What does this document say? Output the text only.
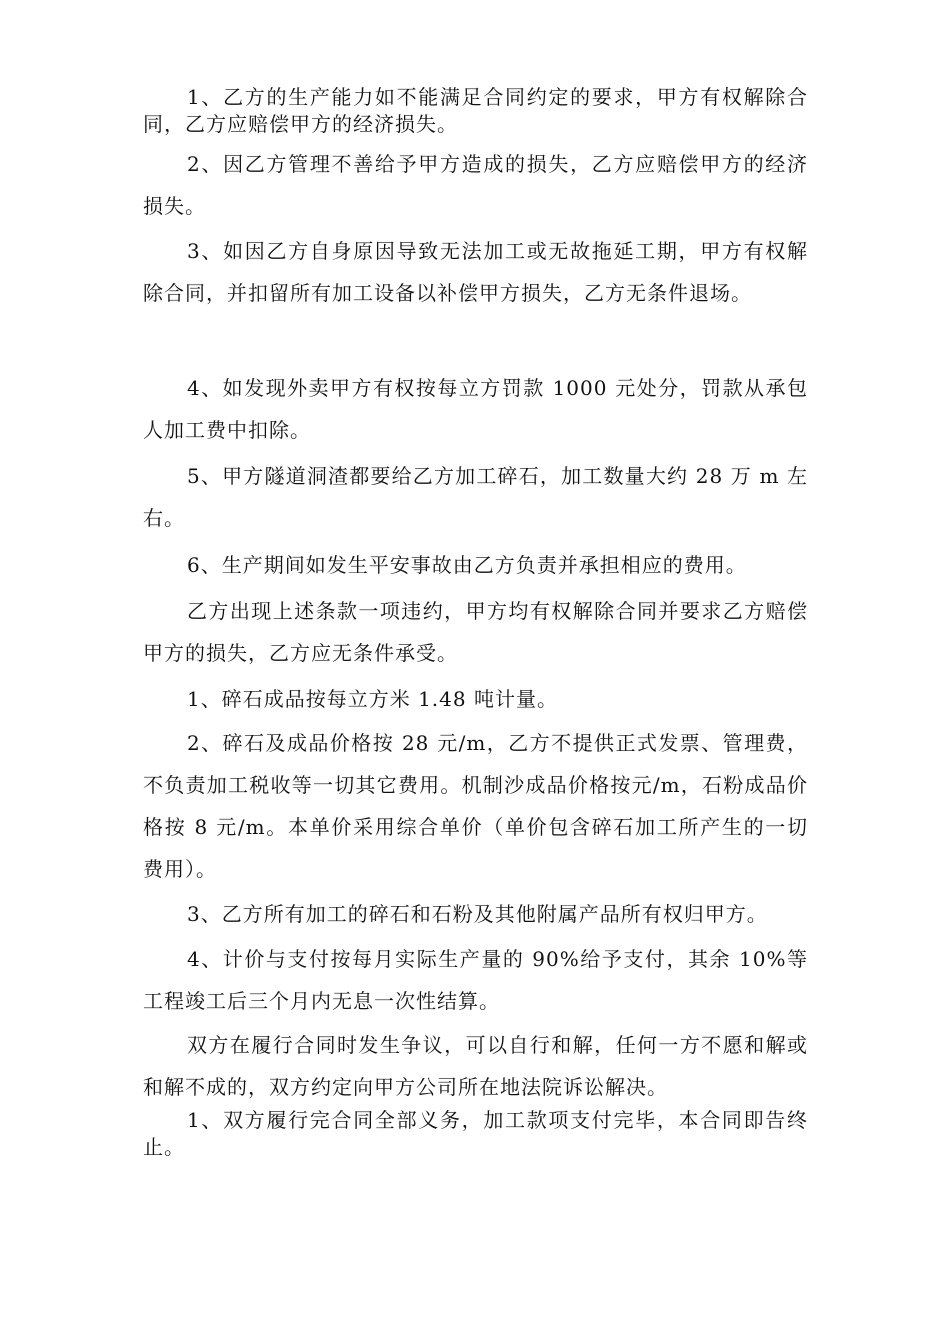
1、乙方的生产能力如不能满足合同约定的要求，甲方有权解除合同，乙方应赔偿甲方的经济损失。

2、因乙方管理不善给予甲方造成的损失，乙方应赔偿甲方的经济损失。

3、如因乙方自身原因导致无法加工或无故拖延工期，甲方有权解除合同，并扣留所有加工设备以补偿甲方损失，乙方无条件退场。

4、如发现外卖甲方有权按每立方罚款 1000 元处分，罚款从承包人加工费中扣除。

5、甲方隧道洞渣都要给乙方加工碎石，加工数量大约 28 万 m 左右。

6、生产期间如发生平安事故由乙方负责并承担相应的费用。

乙方出现上述条款一项违约，甲方均有权解除合同并要求乙方赔偿甲方的损失，乙方应无条件承受。

1、碎石成品按每立方米 1.48 吨计量。

2、碎石及成品价格按 28 元/m，乙方不提供正式发票、管理费，不负责加工税收等一切其它费用。机制沙成品价格按元/m，石粉成品价格按 8 元/m。本单价采用综合单价（单价包含碎石加工所产生的一切费用）。

3、乙方所有加工的碎石和石粉及其他附属产品所有权归甲方。

4、计价与支付按每月实际生产量的 90%给予支付，其余 10%等工程竣工后三个月内无息一次性结算。

双方在履行合同时发生争议，可以自行和解，任何一方不愿和解或和解不成的，双方约定向甲方公司所在地法院诉讼解决。

1、双方履行完合同全部义务，加工款项支付完毕，本合同即告终止。
